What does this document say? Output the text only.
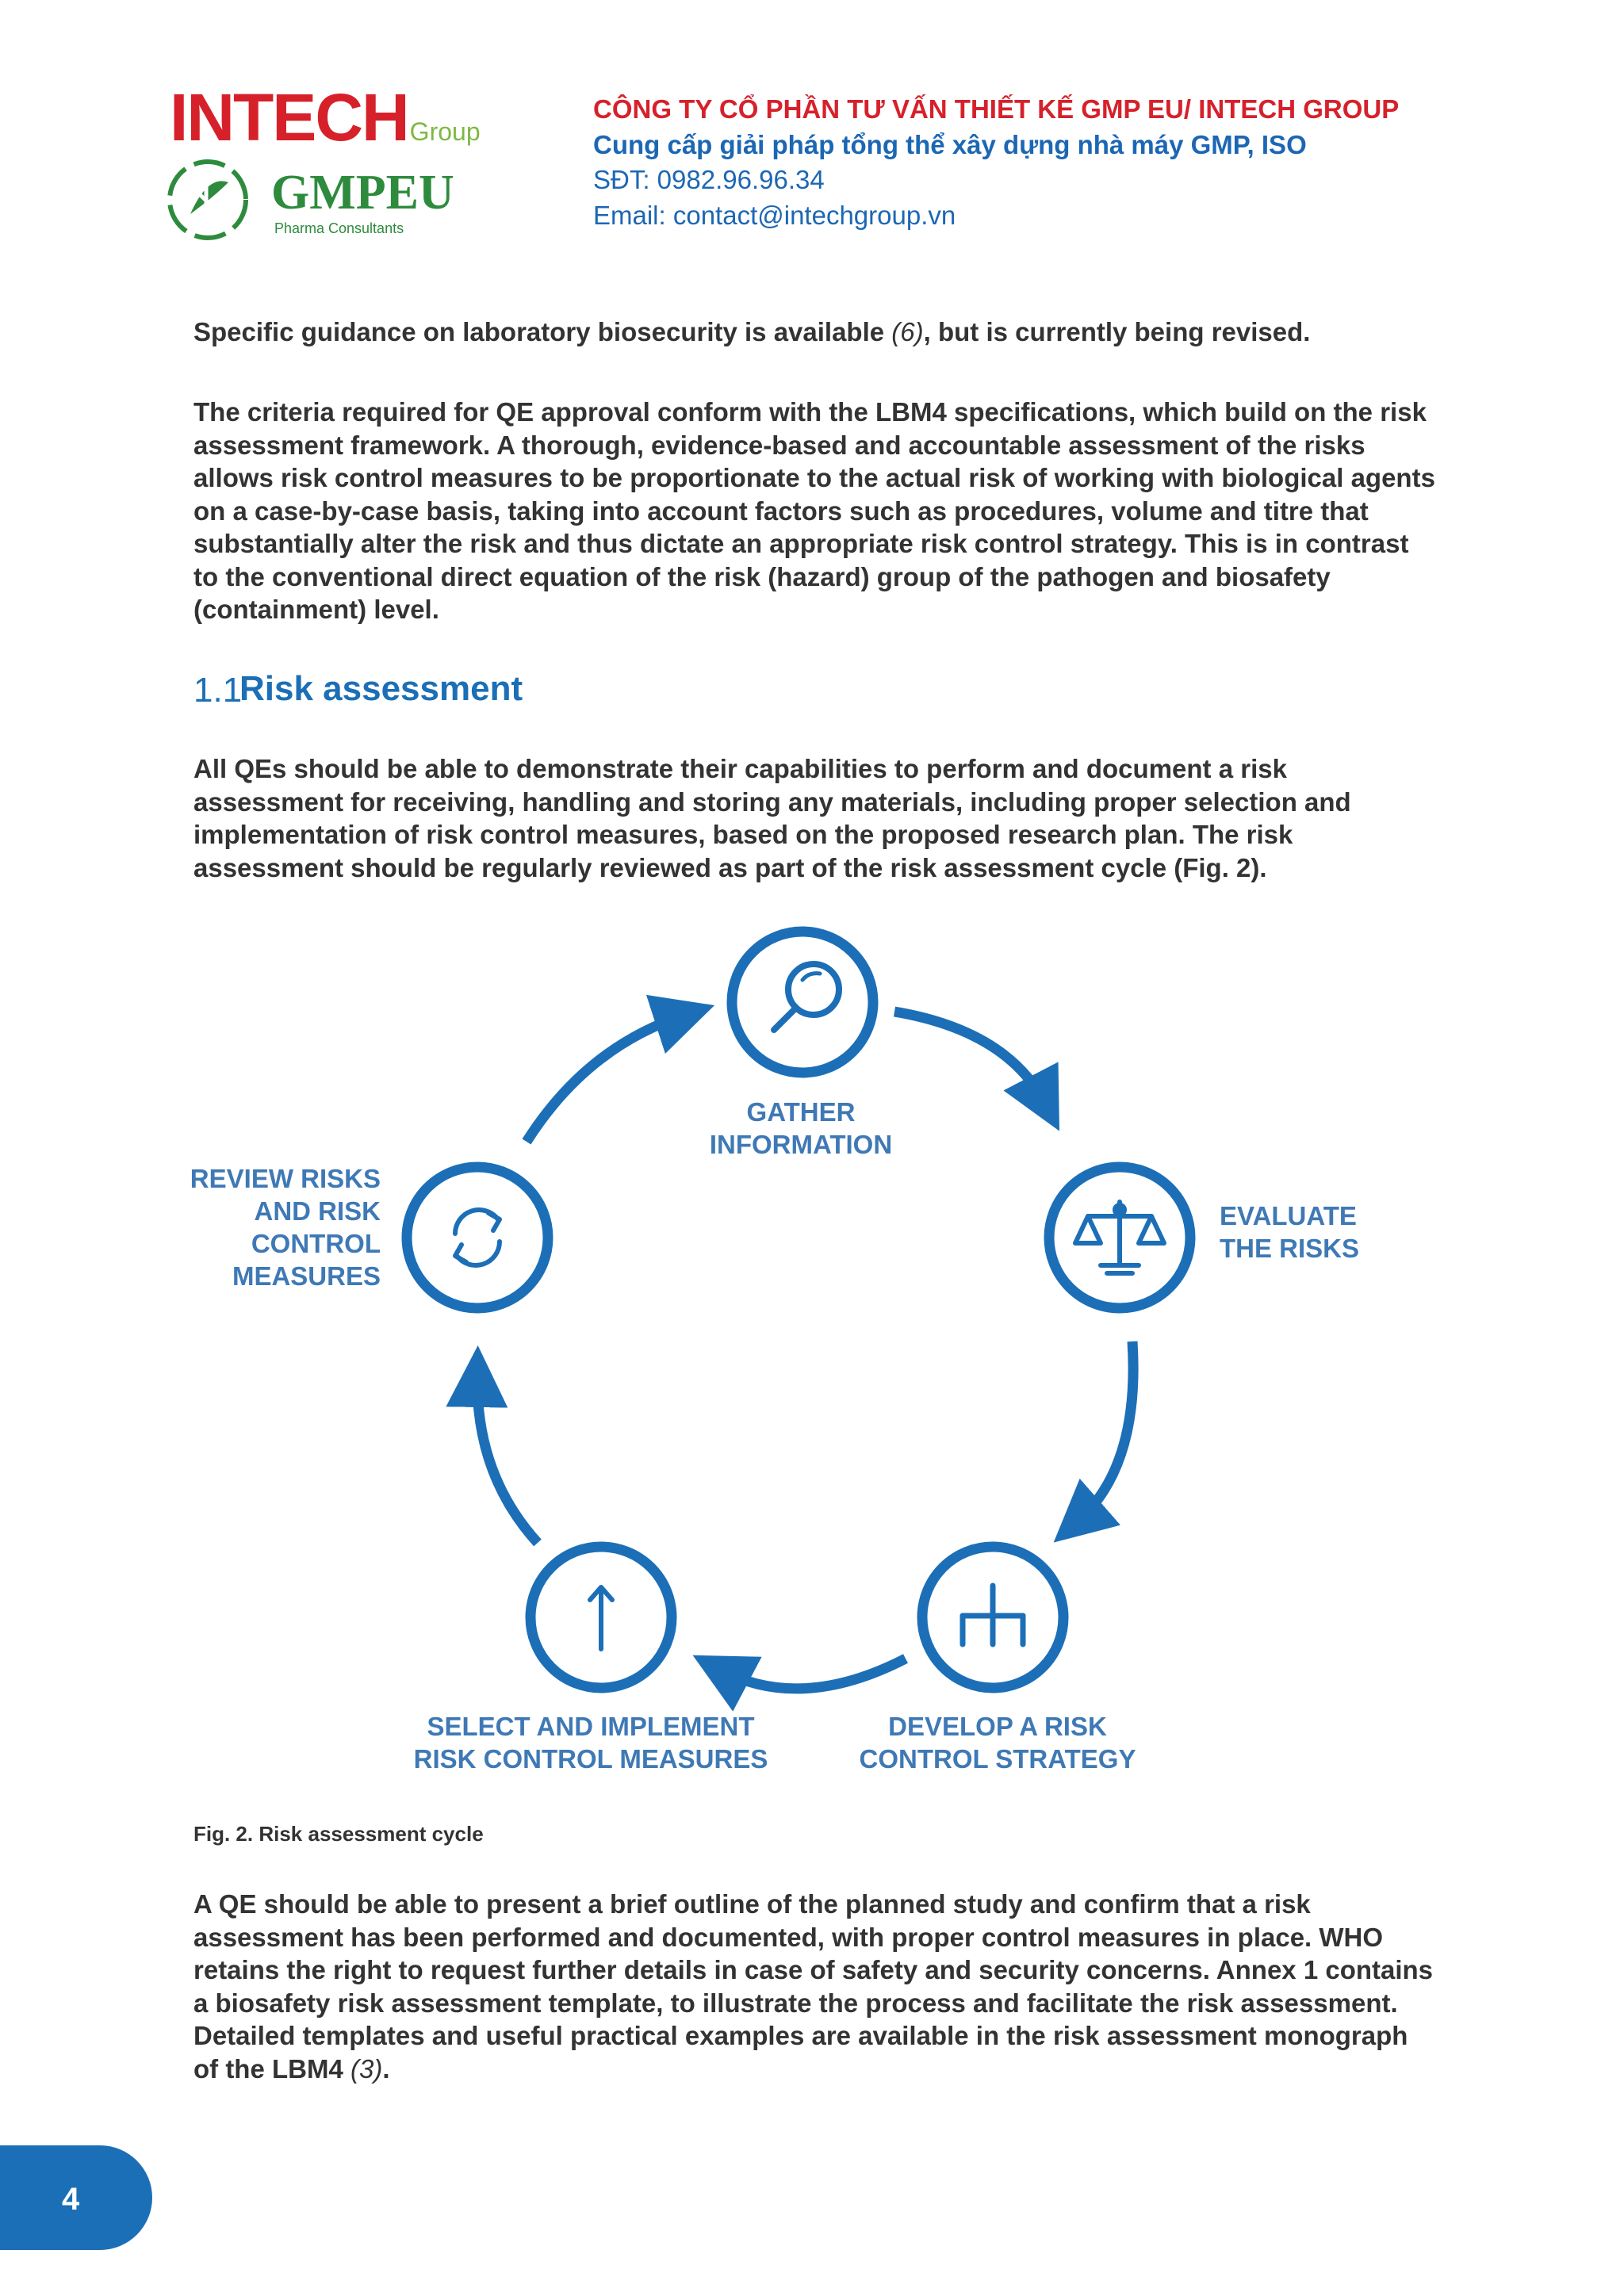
INTECHGroup
GMPEU
Pharma Consultants
CÔNG TY CỔ PHẦN TƯ VẤN THIẾT KẾ GMP EU/ INTECH GROUP
Cung cấp giải pháp tổng thể xây dựng nhà máy GMP, ISO
SĐT: 0982.96.96.34
Email: contact@intechgroup.vn
Specific guidance on laboratory biosecurity is available (6), but is currently being revised.
The criteria required for QE approval conform with the LBM4 specifications, which build on the risk assessment framework. A thorough, evidence-based and accountable assessment of the risks allows risk control measures to be proportionate to the actual risk of working with biological agents on a case-by-case basis, taking into account factors such as procedures, volume and titre that substantially alter the risk and thus dictate an appropriate risk control strategy. This is in contrast to the conventional direct equation of the risk (hazard) group of the pathogen and biosafety (containment) level.
1.1
Risk assessment
All QEs should be able to demonstrate their capabilities to perform and document a risk assessment for receiving, handling and storing any materials, including proper selection and implementation of risk control measures, based on the proposed research plan. The risk assessment should be regularly reviewed as part of the risk assessment cycle (Fig. 2).
GATHER
INFORMATION
EVALUATE
THE RISKS
DEVELOP A RISK
CONTROL STRATEGY
SELECT AND IMPLEMENT
RISK CONTROL MEASURES
REVIEW RISKS
AND RISK
CONTROL
MEASURES
Fig. 2. Risk assessment cycle
A QE should be able to present a brief outline of the planned study and confirm that a risk assessment has been performed and documented, with proper control measures in place. WHO retains the right to request further details in case of safety and security concerns. Annex 1 contains a biosafety risk assessment template, to illustrate the process and facilitate the risk assessment. Detailed templates and useful practical examples are available in the risk assessment monograph of the LBM4 (3).
4
